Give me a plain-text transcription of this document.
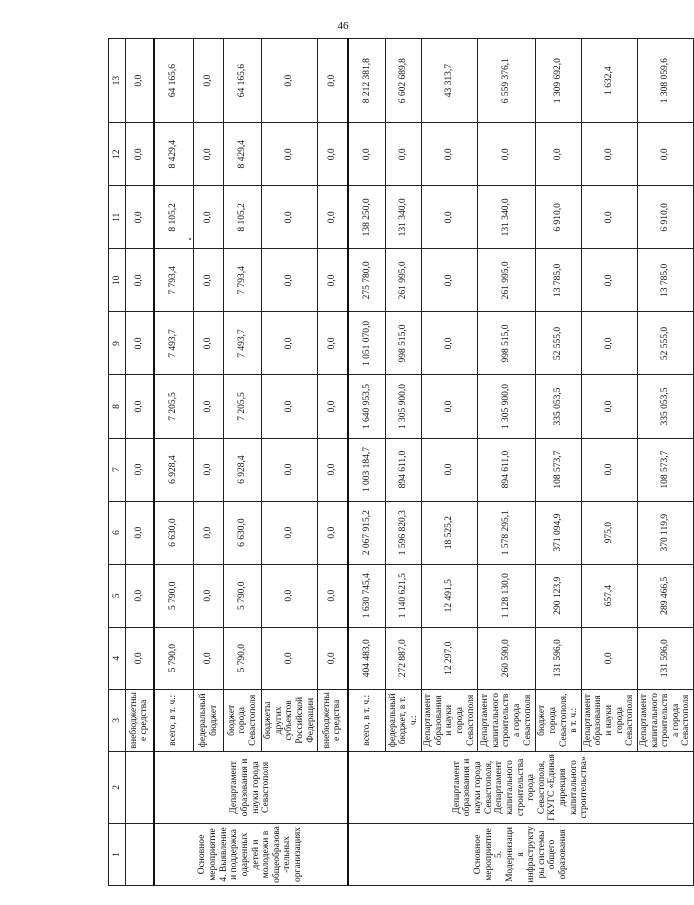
46
1	2	3	4	5	6	7	8	9	10	11	12	13
		внебюджетные средства	0,0	0,0	0,0	0,0	0,0	0,0	0,0	0,0	0,0	0,0
Основное мероприятие 4. Выявление и поддержка одаренных детей и молодежи в общеобразова-тельных организациях	Департамент образования и науки города Севастополя	всего, в т. ч.:	5 790,0	5 790,0	6 630,0	6 928,4	7 205,5	7 493,7	7 793,4	8 105,2	8 429,4	64 165,6
		федеральный бюджет	0,0	0,0	0,0	0,0	0,0	0,0	0,0	0,0	0,0	0,0
		бюджет города Севастополя	5 790,0	5 790,0	6 630,0	6 928,4	7 205,5	7 493,7	7 793,4	8 105,2	8 429,4	64 165,6
		бюджеты других субъектов Российской Федерации	0,0	0,0	0,0	0,0	0,0	0,0	0,0	0,0	0,0	0,0
		внебюджетные средства	0,0	0,0	0,0	0,0	0,0	0,0	0,0	0,0	0,0	0,0
Основное мероприятие 5. Модернизация инфраструктуры системы общего образования	Департамент образования и науки города Севастополя, Департамент капитального строительства города Севастополя, ГКУГС «Единая дирекция капитального строительства»	всего, в т. ч.:	404 483,0	1 630 745,4	2 067 915,2	1 003 184,7	1 640 953,5	1 051 070,0	275 780,0	138 250,0	0,0	8 212 381,8
		федеральный бюджет, в т. ч.:	272 887,0	1 140 621,5	1 596 820,3	894 611,0	1 305 900,0	998 515,0	261 995,0	131 340,0	0,0	6 602 689,8
		Департамент образования и науки города Севастополя	12 297,0	12 491,5	18 525,2	0,0	0,0	0,0	0,0	0,0	0,0	43 313,7
		Департамент капитального строительства города Севастополя	260 590,0	1 128 130,0	1 578 295,1	894 611,0	1 305 900,0	998 515,0	261 995,0	131 340,0	0,0	6 559 376,1
		бюджет города Севастополя, в т. ч.:	131 596,0	290 123,9	371 094,9	108 573,7	335 053,5	52 555,0	13 785,0	6 910,0	0,0	1 309 692,0
		Департамент образования и науки города Севастополя	0,0	657,4	975,0	0,0	0,0	0,0	0,0	0,0	0,0	1 632,4
		Департамент капитального строительства города Севастополя	131 596,0	289 466,5	370 119,9	108 573,7	335 053,5	52 555,0	13 785,0	6 910,0	0,0	1 308 059,6
